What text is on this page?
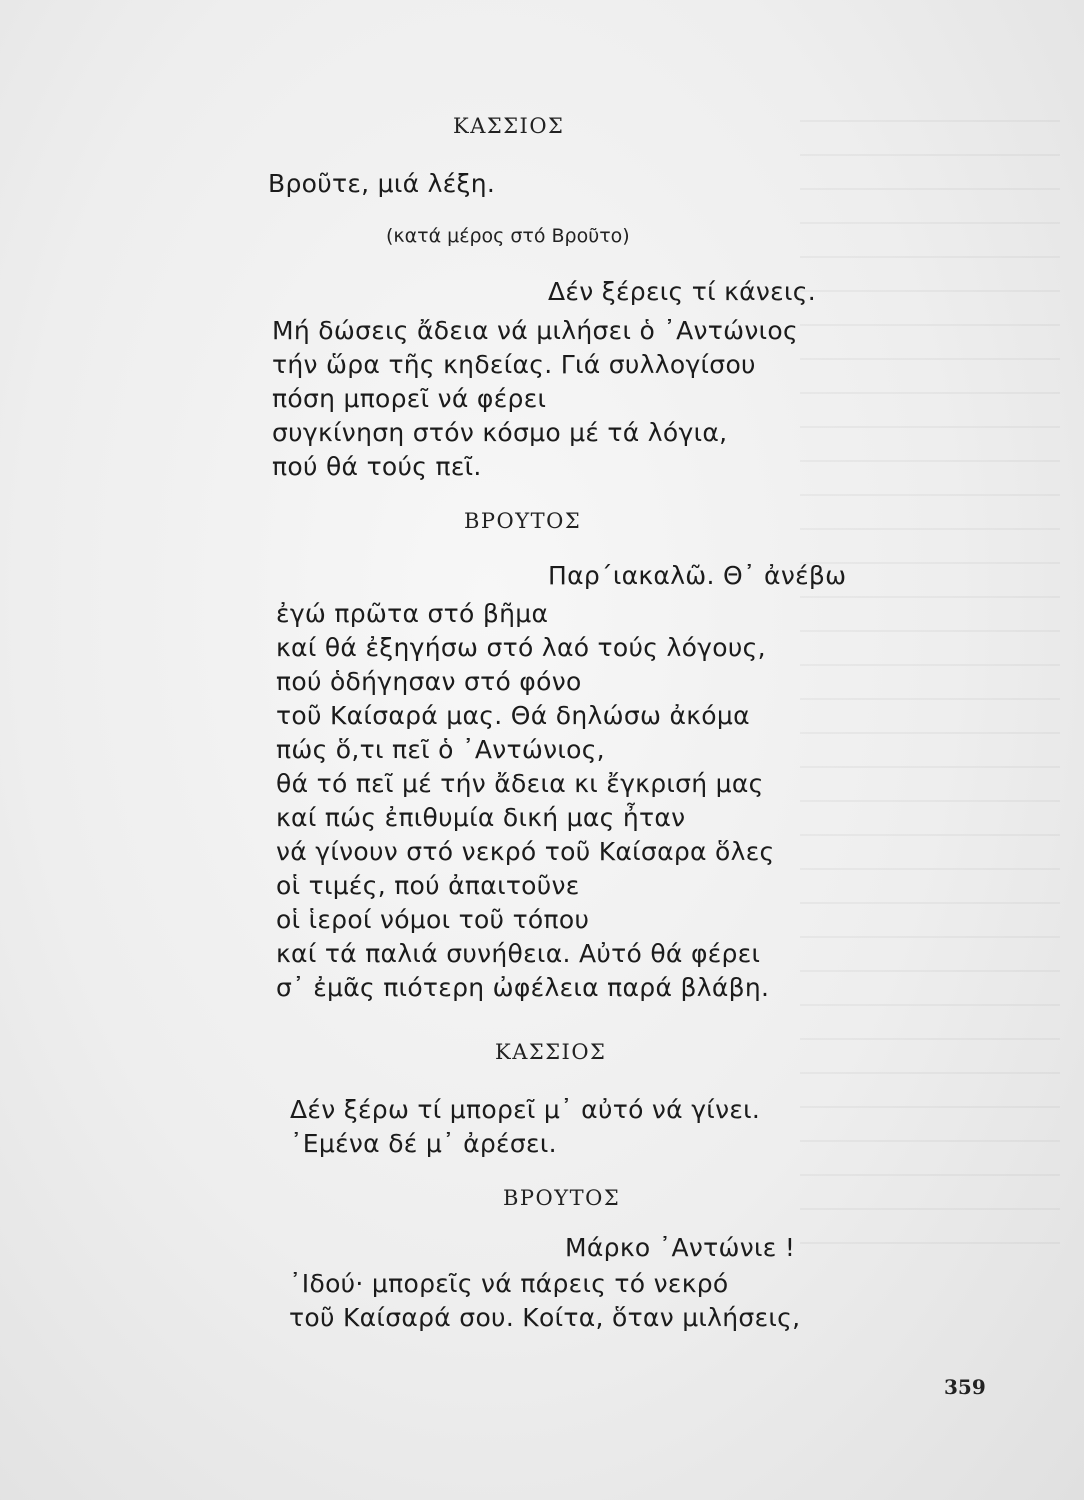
ΚΑΣΣΙΟΣ

Βροῦτε, μιά λέξη.

(κατά μέρος στό Βροῦτο)

Δέν ξέρεις τί κάνεις.

Μή δώσεις ἄδεια νά μιλήσει ὁ ᾿Αντώνιος

τήν ὥρα τῆς κηδείας. Γιά συλλογίσου

πόση μπορεῖ νά φέρει

συγκίνηση στόν κόσμο μέ τά λόγια,

πού θά τούς πεῖ.

ΒΡΟΥΤΟΣ

Παρ΄ιακαλῶ. Θ᾿ ἀνέβω

ἐγώ πρῶτα στό βῆμα

καί θά ἐξηγήσω στό λαό τούς λόγους,

πού ὁδήγησαν στό φόνο

τοῦ Καίσαρά μας. Θά δηλώσω ἀκόμα

πώς ὅ,τι πεῖ ὁ ᾿Αντώνιος,

θά τό πεῖ μέ τήν ἄδεια κι ἔγκρισή μας

καί πώς ἐπιθυμία δική μας ἦταν

νά γίνουν στό νεκρό τοῦ Καίσαρα ὅλες

οἱ τιμές, πού ἀπαιτοῦνε

οἱ ἱεροί νόμοι τοῦ τόπου

καί τά παλιά συνήθεια. Αὐτό θά φέρει

σ᾿ ἐμᾶς πιότερη ὠφέλεια παρά βλάβη.

ΚΑΣΣΙΟΣ

Δέν ξέρω τί μπορεῖ μ᾿ αὐτό νά γίνει.

᾿Εμένα δέ μ᾿ ἀρέσει.

ΒΡΟΥΤΟΣ

Μάρκο ᾿Αντώνιε !

᾿Ιδού· μπορεῖς νά πάρεις τό νεκρό

τοῦ Καίσαρά σου. Κοίτα, ὅταν μιλήσεις,

359
